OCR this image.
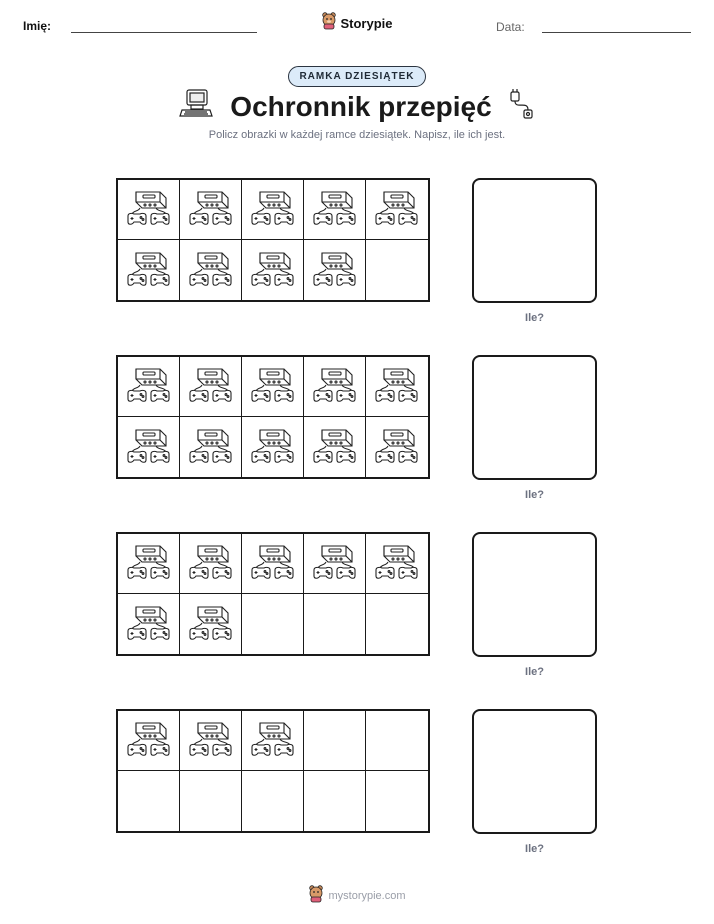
Imię:	Storypie	Data:
RAMKA DZIESIĄTEK
Ochronnik przepięć
Policz obrazki w każdej ramce dziesiątek. Napisz, ile ich jest.
Ile?
Ile?
Ile?
Ile?
mystorypie.com
